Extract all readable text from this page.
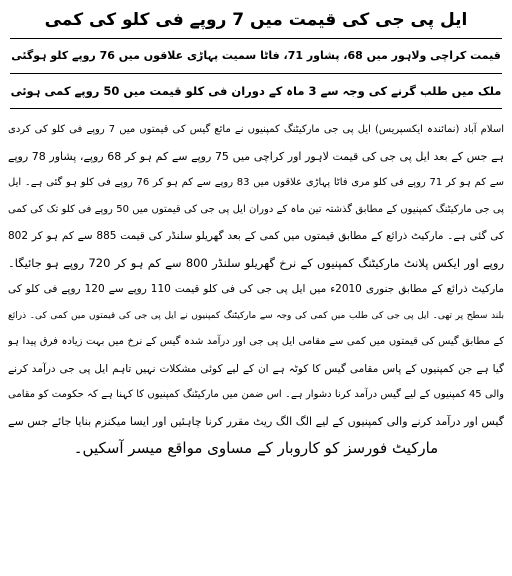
ایل پی جی کی قیمت میں 7 روپے فی کلو کی کمی
قیمت کراچی ولاہور میں 68، پشاور 71، فاٹا سمیت پہاڑی علاقوں میں 76 روپے کلو ہوگئی
ملک میں طلب گرنے کی وجہ سے 3 ماہ کے دوران فی کلو قیمت میں 50 روپے کمی ہوئی
اسلام آباد (نمائندہ ایکسپریس) ایل پی جی مارکیٹنگ کمپنیوں نے مائع گیس کی قیمتوں میں 7 روپے فی کلو کی کردی
ہے جس کے بعد ایل پی جی کی قیمت لاہور اور کراچی میں 75 روپے سے کم ہو کر 68 روپے، پشاور 78 روپے
سے کم ہو کر 71 روپے فی کلو مری فاٹا پہاڑی علاقوں میں 83 روپے سے کم ہو کر 76 روپے فی کلو ہو گئی ہے۔ ایل
پی جی مارکیٹنگ کمپنیوں کے مطابق گذشتہ تین ماہ کے دوران ایل پی جی کی قیمتوں میں 50 روپے فی کلو تک کی کمی
کی گئی ہے۔ مارکیٹ ذرائع کے مطابق قیمتوں میں کمی کے بعد گھریلو سلنڈر کی قیمت 885 سے کم ہو کر 802
روپے اور ایکس پلانٹ مارکیٹنگ کمپنیوں کے نرخ گھریلو سلنڈر 800 سے کم ہو کر 720 روپے ہو جائیگا۔
مارکیٹ ذرائع کے مطابق جنوری 2010ء میں ایل پی جی کی فی کلو قیمت 110 روپے سے 120 روپے فی کلو کی
بلند سطح پر تھی۔ ایل پی جی کی طلب میں کمی کی وجہ سے مارکیٹنگ کمپنیوں نے ایل پی جی کی قیمتوں میں کمی کی۔ ذرائع
کے مطابق گیس کی قیمتوں میں کمی سے مقامی ایل پی جی اور درآمد شدہ گیس کے نرخ میں بہت زیادہ فرق پیدا ہو
گیا ہے جن کمپنیوں کے پاس مقامی گیس کا کوٹہ ہے ان کے لیے کوئی مشکلات نہیں تاہم ایل پی جی درآمد کرنے
والی 45 کمپنیوں کے لیے گیس درآمد کرنا دشوار ہے۔ اس ضمن میں مارکیٹنگ کمپنیوں کا کہنا ہے کہ حکومت کو مقامی
گیس اور درآمد کرنے والی کمپنیوں کے لیے الگ الگ ریٹ مقرر کرنا چاہئیں اور ایسا میکنزم بنایا جائے جس سے
مارکیٹ فورسز کو کاروبار کے مساوی مواقع میسر آسکیں۔
